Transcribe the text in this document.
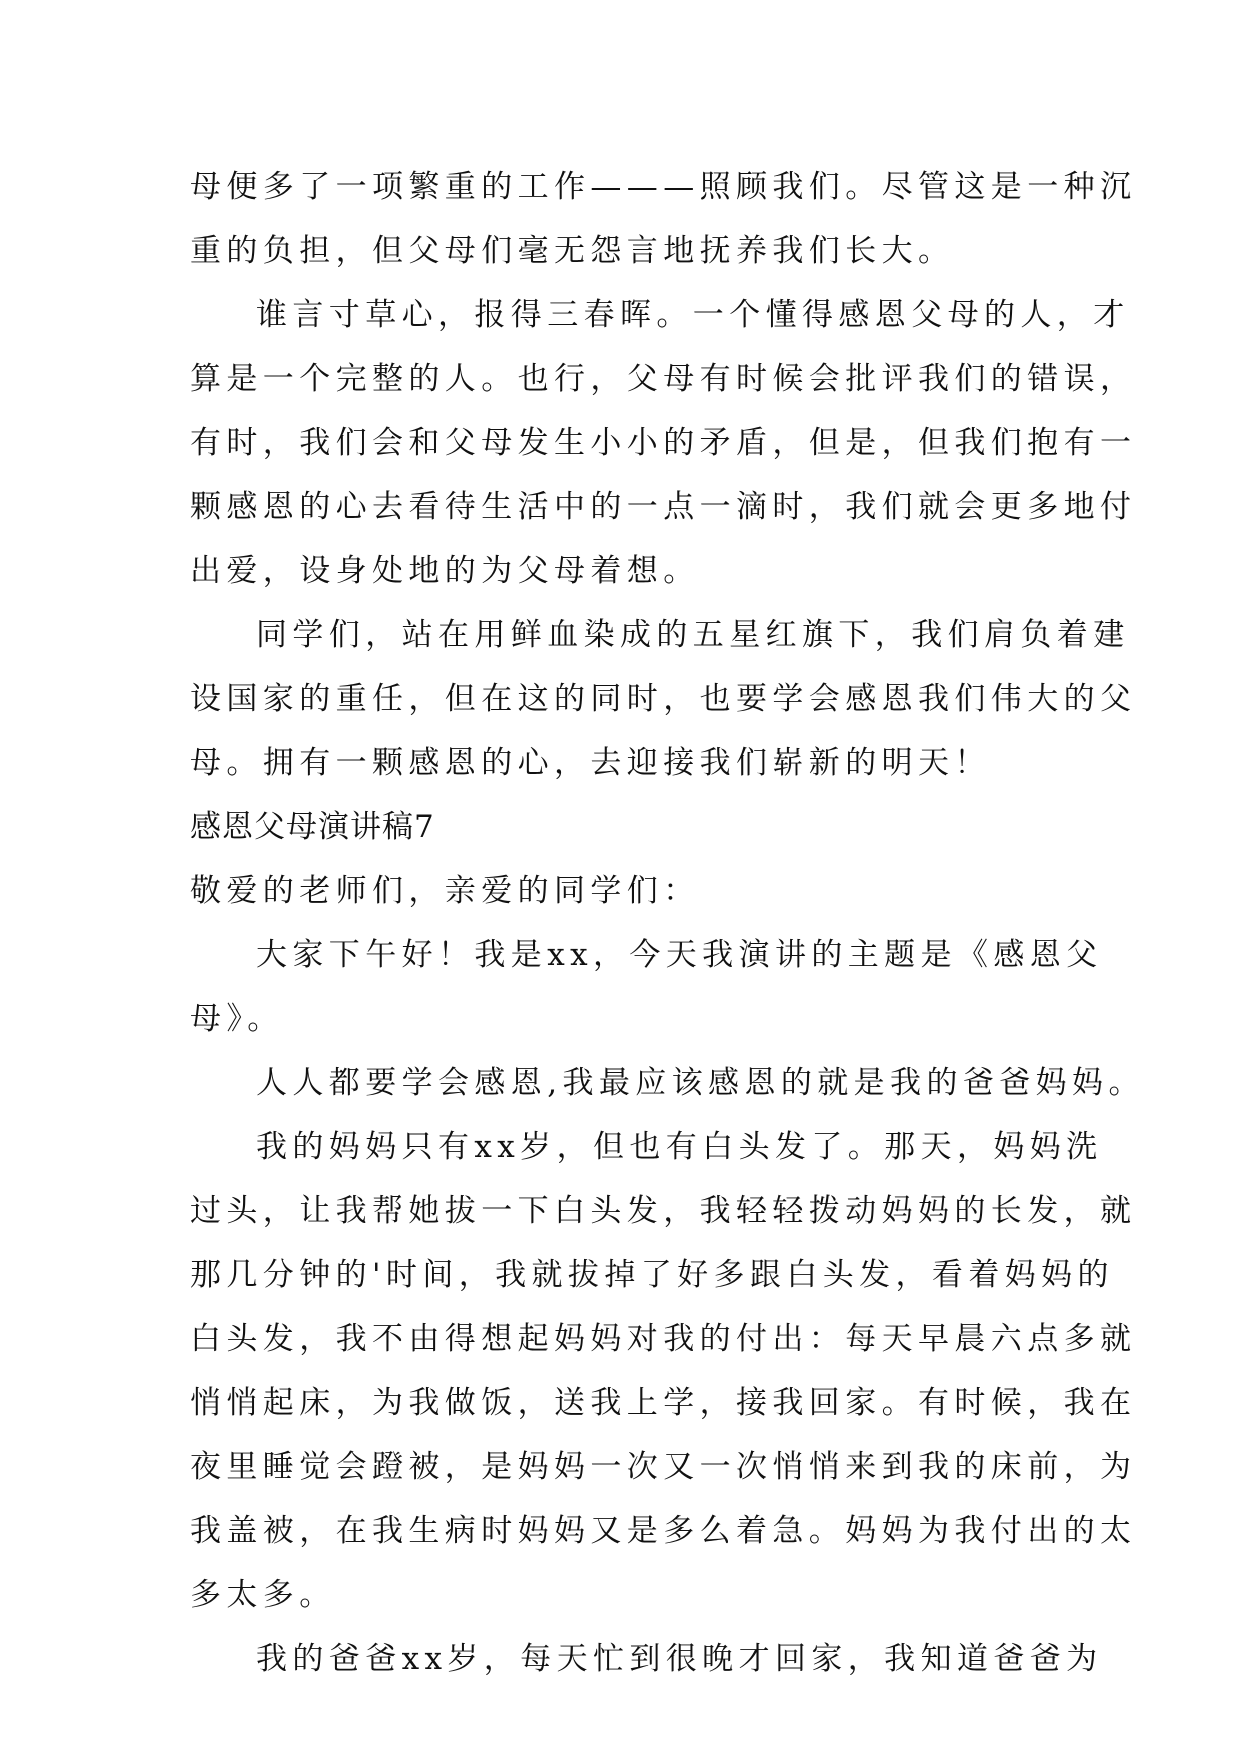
母便多了一项繁重的工作———照顾我们。尽管这是一种沉
重的负担，但父母们毫无怨言地抚养我们长大。
谁言寸草心，报得三春晖。一个懂得感恩父母的人，才
算是一个完整的人。也行，父母有时候会批评我们的错误，
有时，我们会和父母发生小小的矛盾，但是，但我们抱有一
颗感恩的心去看待生活中的一点一滴时，我们就会更多地付
出爱，设身处地的为父母着想。
同学们，站在用鲜血染成的五星红旗下，我们肩负着建
设国家的重任，但在这的同时，也要学会感恩我们伟大的父
母。拥有一颗感恩的心，去迎接我们崭新的明天！
感恩父母演讲稿7
敬爱的老师们，亲爱的同学们：
大家下午好！我是xx，今天我演讲的主题是《感恩父
母》。
人人都要学会感恩,我最应该感恩的就是我的爸爸妈妈。
我的妈妈只有xx岁，但也有白头发了。那天，妈妈洗
过头，让我帮她拔一下白头发，我轻轻拨动妈妈的长发，就
那几分钟的'时间，我就拔掉了好多跟白头发，看着妈妈的
白头发，我不由得想起妈妈对我的付出：每天早晨六点多就
悄悄起床，为我做饭，送我上学，接我回家。有时候，我在
夜里睡觉会蹬被，是妈妈一次又一次悄悄来到我的床前，为
我盖被，在我生病时妈妈又是多么着急。妈妈为我付出的太
多太多。
我的爸爸xx岁，每天忙到很晚才回家，我知道爸爸为
